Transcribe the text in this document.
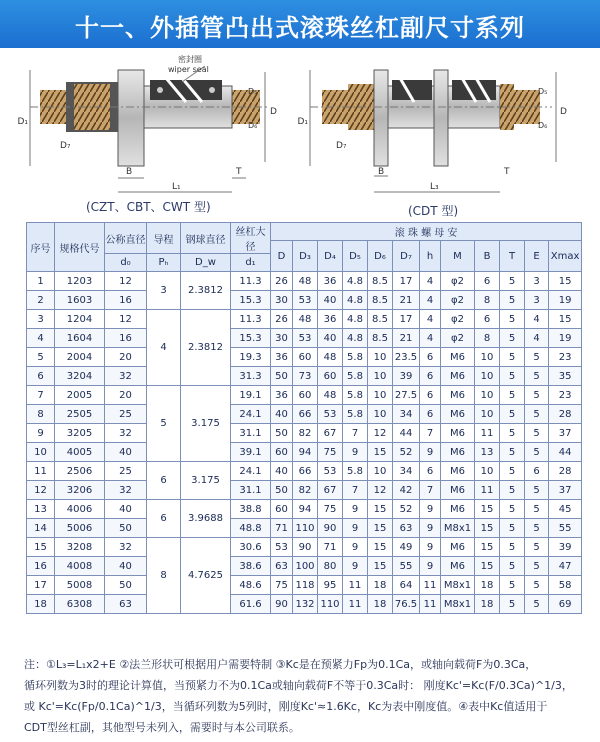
十一、外插管凸出式滚珠丝杠副尺寸系列
D₁
D₇
D
D₅
D₆
B	T
L₁
密封圈
wiper seal
D₁
D₇
D
D₅
D₆
B	T
L₃
(CZT、CBT、CWT 型)	(CDT 型)
序号	规格代号	公称直径	导程	钢球直径	丝杠大径	滚 珠 螺 母 安											
						D	D₃	D₄	D₅	D₆	D₇	h	M	B	T	E	Xmax
		d₀	Pₕ	D_w	d₁												
1	1203	12	3	2.3812	11.3	26	48	36	4.8	8.5	17	4	φ2	6	5	3	15
2	1603	16			15.3	30	53	40	4.8	8.5	21	4	φ2	8	5	3	19
3	1204	12	4	2.3812	11.3	26	48	36	4.8	8.5	17	4	φ2	6	5	4	15
4	1604	16			15.3	30	53	40	4.8	8.5	21	4	φ2	8	5	4	19
5	2004	20			19.3	36	60	48	5.8	10	23.5	6	M6	10	5	5	23
6	3204	32			31.3	50	73	60	5.8	10	39	6	M6	10	5	5	35
7	2005	20	5	3.175	19.1	36	60	48	5.8	10	27.5	6	M6	10	5	5	23
8	2505	25			24.1	40	66	53	5.8	10	34	6	M6	10	5	5	28
9	3205	32			31.1	50	82	67	7	12	44	7	M6	11	5	5	37
10	4005	40			39.1	60	94	75	9	15	52	9	M6	13	5	5	44
11	2506	25	6	3.175	24.1	40	66	53	5.8	10	34	6	M6	10	5	6	28
12	3206	32			31.1	50	82	67	7	12	42	7	M6	11	5	5	37
13	4006	40	6	3.9688	38.8	60	94	75	9	15	52	9	M6	15	5	5	45
14	5006	50			48.8	71	110	90	9	15	63	9	M8x1	15	5	5	55
15	3208	32	8	4.7625	30.6	53	90	71	9	15	49	9	M6	15	5	5	39
16	4008	40			38.6	63	100	80	9	15	55	9	M6	15	5	5	47
17	5008	50			48.6	75	118	95	11	18	64	11	M8x1	18	5	5	58
18	6308	63			61.6	90	132	110	11	18	76.5	11	M8x1	18	5	5	69
注：①L₃=L₁x2+E ②法兰形状可根据用户需要特制 ③Kc是在预紧力Fp为0.1Ca，或轴向载荷F为0.3Ca，
循环列数为3时的理论计算值，当预紧力不为0.1Ca或轴向载荷F不等于0.3Ca时： 刚度Kc'=Kc(F/0.3Ca)^1/3，
或 Kc'=Kc(Fp/0.1Ca)^1/3，当循环列数为5列时，刚度Kc'≈1.6Kc，Kc为表中刚度值。④表中Kc值适用于
CDT型丝杠副，其他型号未列入，需要时与本公司联系。
